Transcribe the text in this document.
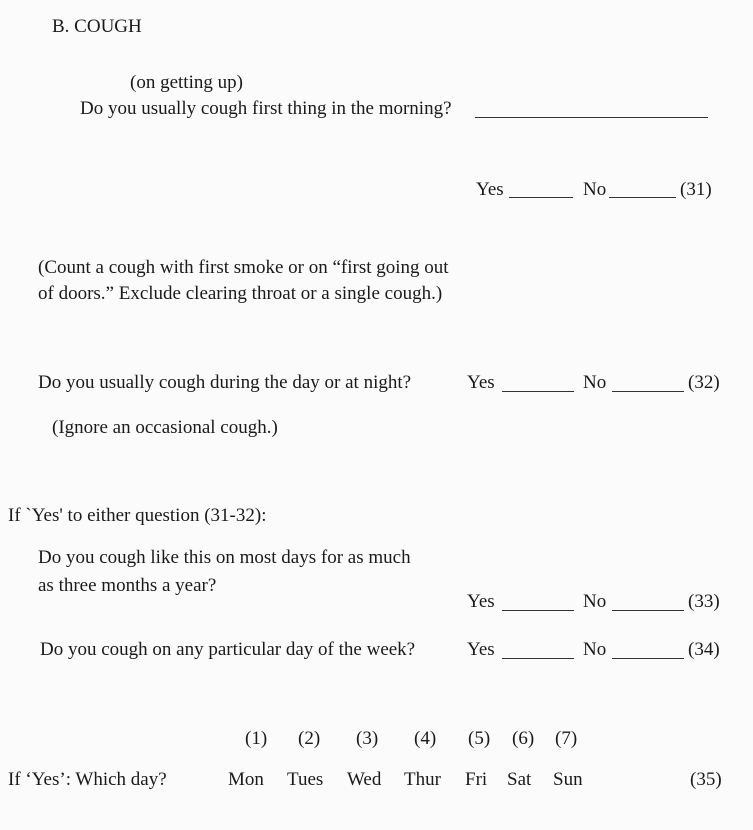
B. COUGH
(on getting up)
Do you usually cough first thing in the morning?
Yes	No	(31)
(Count a cough with first smoke or on “first going out of doors.” Exclude clearing throat or a single cough.)
Do you usually cough during the day or at night?	Yes	No	(32)
(Ignore an occasional cough.)
If `Yes' to either question (31-32):
Do you cough like this on most days for as much
as three months a year?
Yes	No	(33)
Do you cough on any particular day of the week?	Yes	No	(34)
(1) (2) (3) (4) (5) (6) (7)
If ‘Yes’: Which day?	Mon Tues Wed Thur Fri Sat Sun	(35)
